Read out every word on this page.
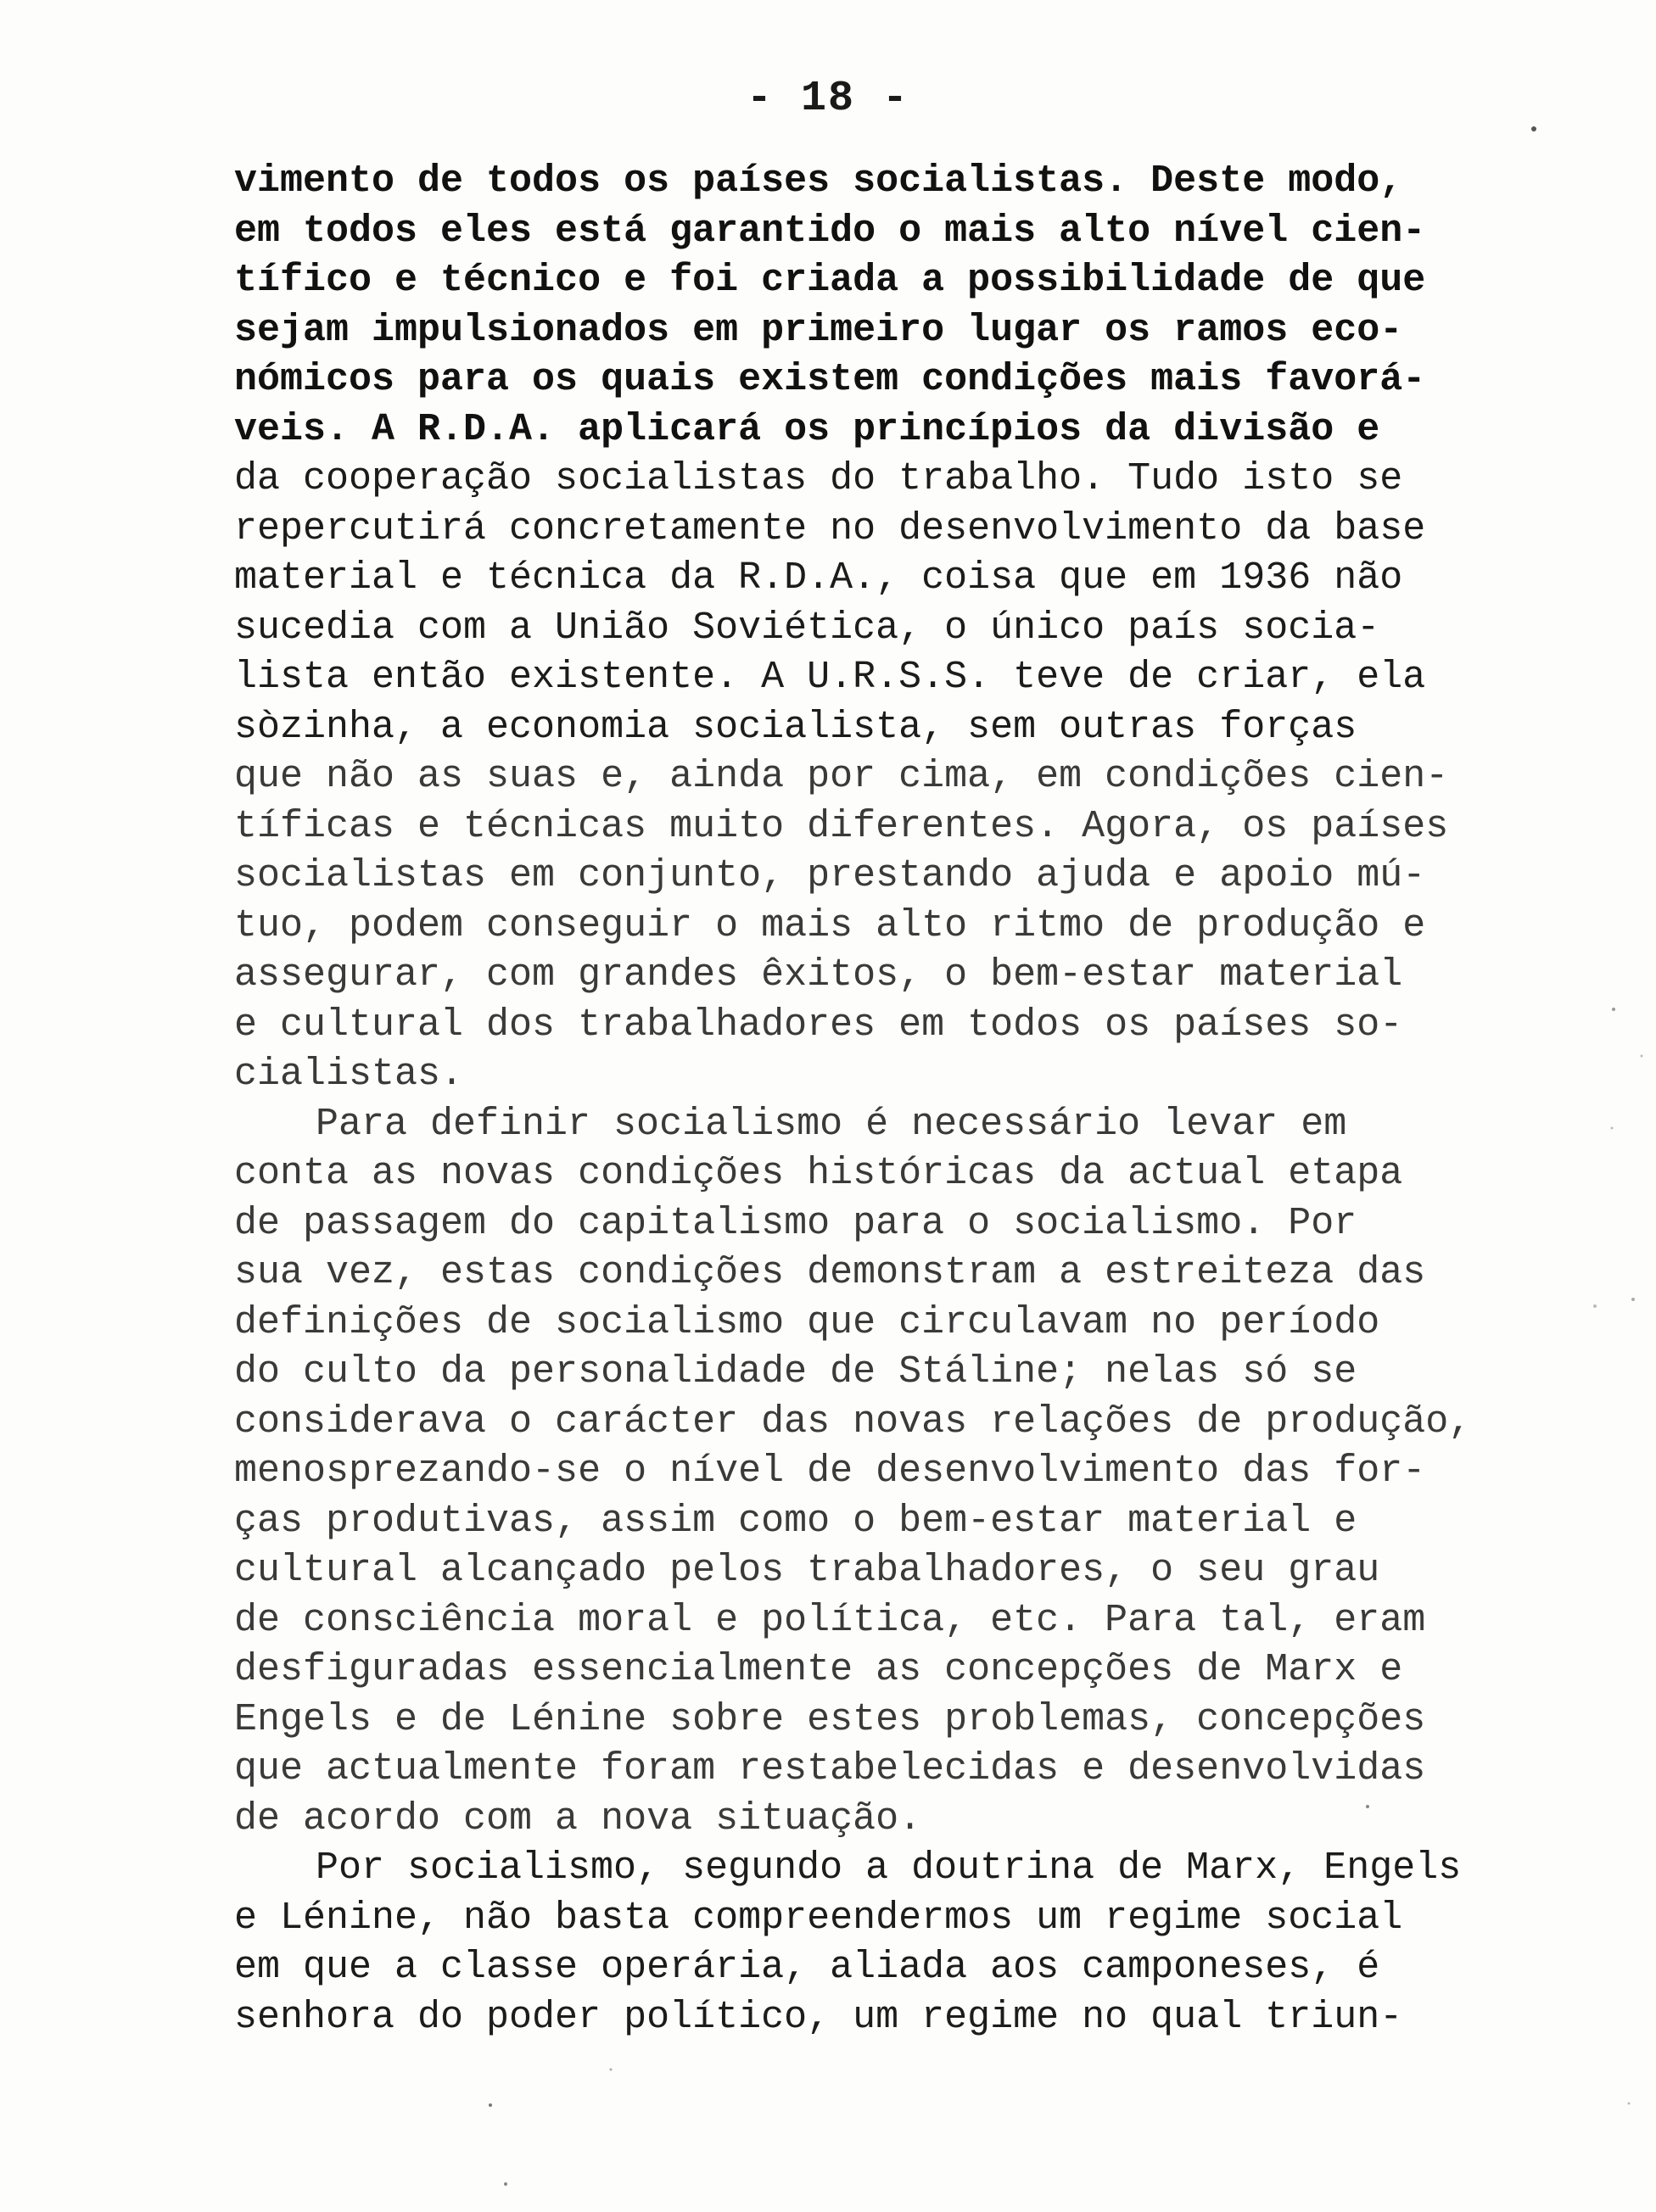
- 18 -
vimento de todos os países socialistas. Deste modo,
em todos eles está garantido o mais alto nível cien-
tífico e técnico e foi criada a possibilidade de que
sejam impulsionados em primeiro lugar os ramos eco-
nómicos para os quais existem condições mais favorá-
veis. A R.D.A. aplicará os princípios da divisão e
da cooperação socialistas do trabalho. Tudo isto se
repercutirá concretamente no desenvolvimento da base
material e técnica da R.D.A., coisa que em 1936 não
sucedia com a União Soviética, o único país socia-
lista então existente. A U.R.S.S. teve de criar, ela
sòzinha, a economia socialista, sem outras forças
que não as suas e, ainda por cima, em condições cien-
tíficas e técnicas muito diferentes. Agora, os países
socialistas em conjunto, prestando ajuda e apoio mú-
tuo, podem conseguir o mais alto ritmo de produção e
assegurar, com grandes êxitos, o bem-estar material
e cultural dos trabalhadores em todos os países so-
cialistas.
Para definir socialismo é necessário levar em
conta as novas condições históricas da actual etapa
de passagem do capitalismo para o socialismo. Por
sua vez, estas condições demonstram a estreiteza das
definições de socialismo que circulavam no período
do culto da personalidade de Stáline; nelas só se
considerava o carácter das novas relações de produção,
menosprezando-se o nível de desenvolvimento das for-
ças produtivas, assim como o bem-estar material e
cultural alcançado pelos trabalhadores, o seu grau
de consciência moral e política, etc. Para tal, eram
desfiguradas essencialmente as concepções de Marx e
Engels e de Lénine sobre estes problemas, concepções
que actualmente foram restabelecidas e desenvolvidas
de acordo com a nova situação.
Por socialismo, segundo a doutrina de Marx, Engels
e Lénine, não basta compreendermos um regime social
em que a classe operária, aliada aos camponeses, é
senhora do poder político, um regime no qual triun-
